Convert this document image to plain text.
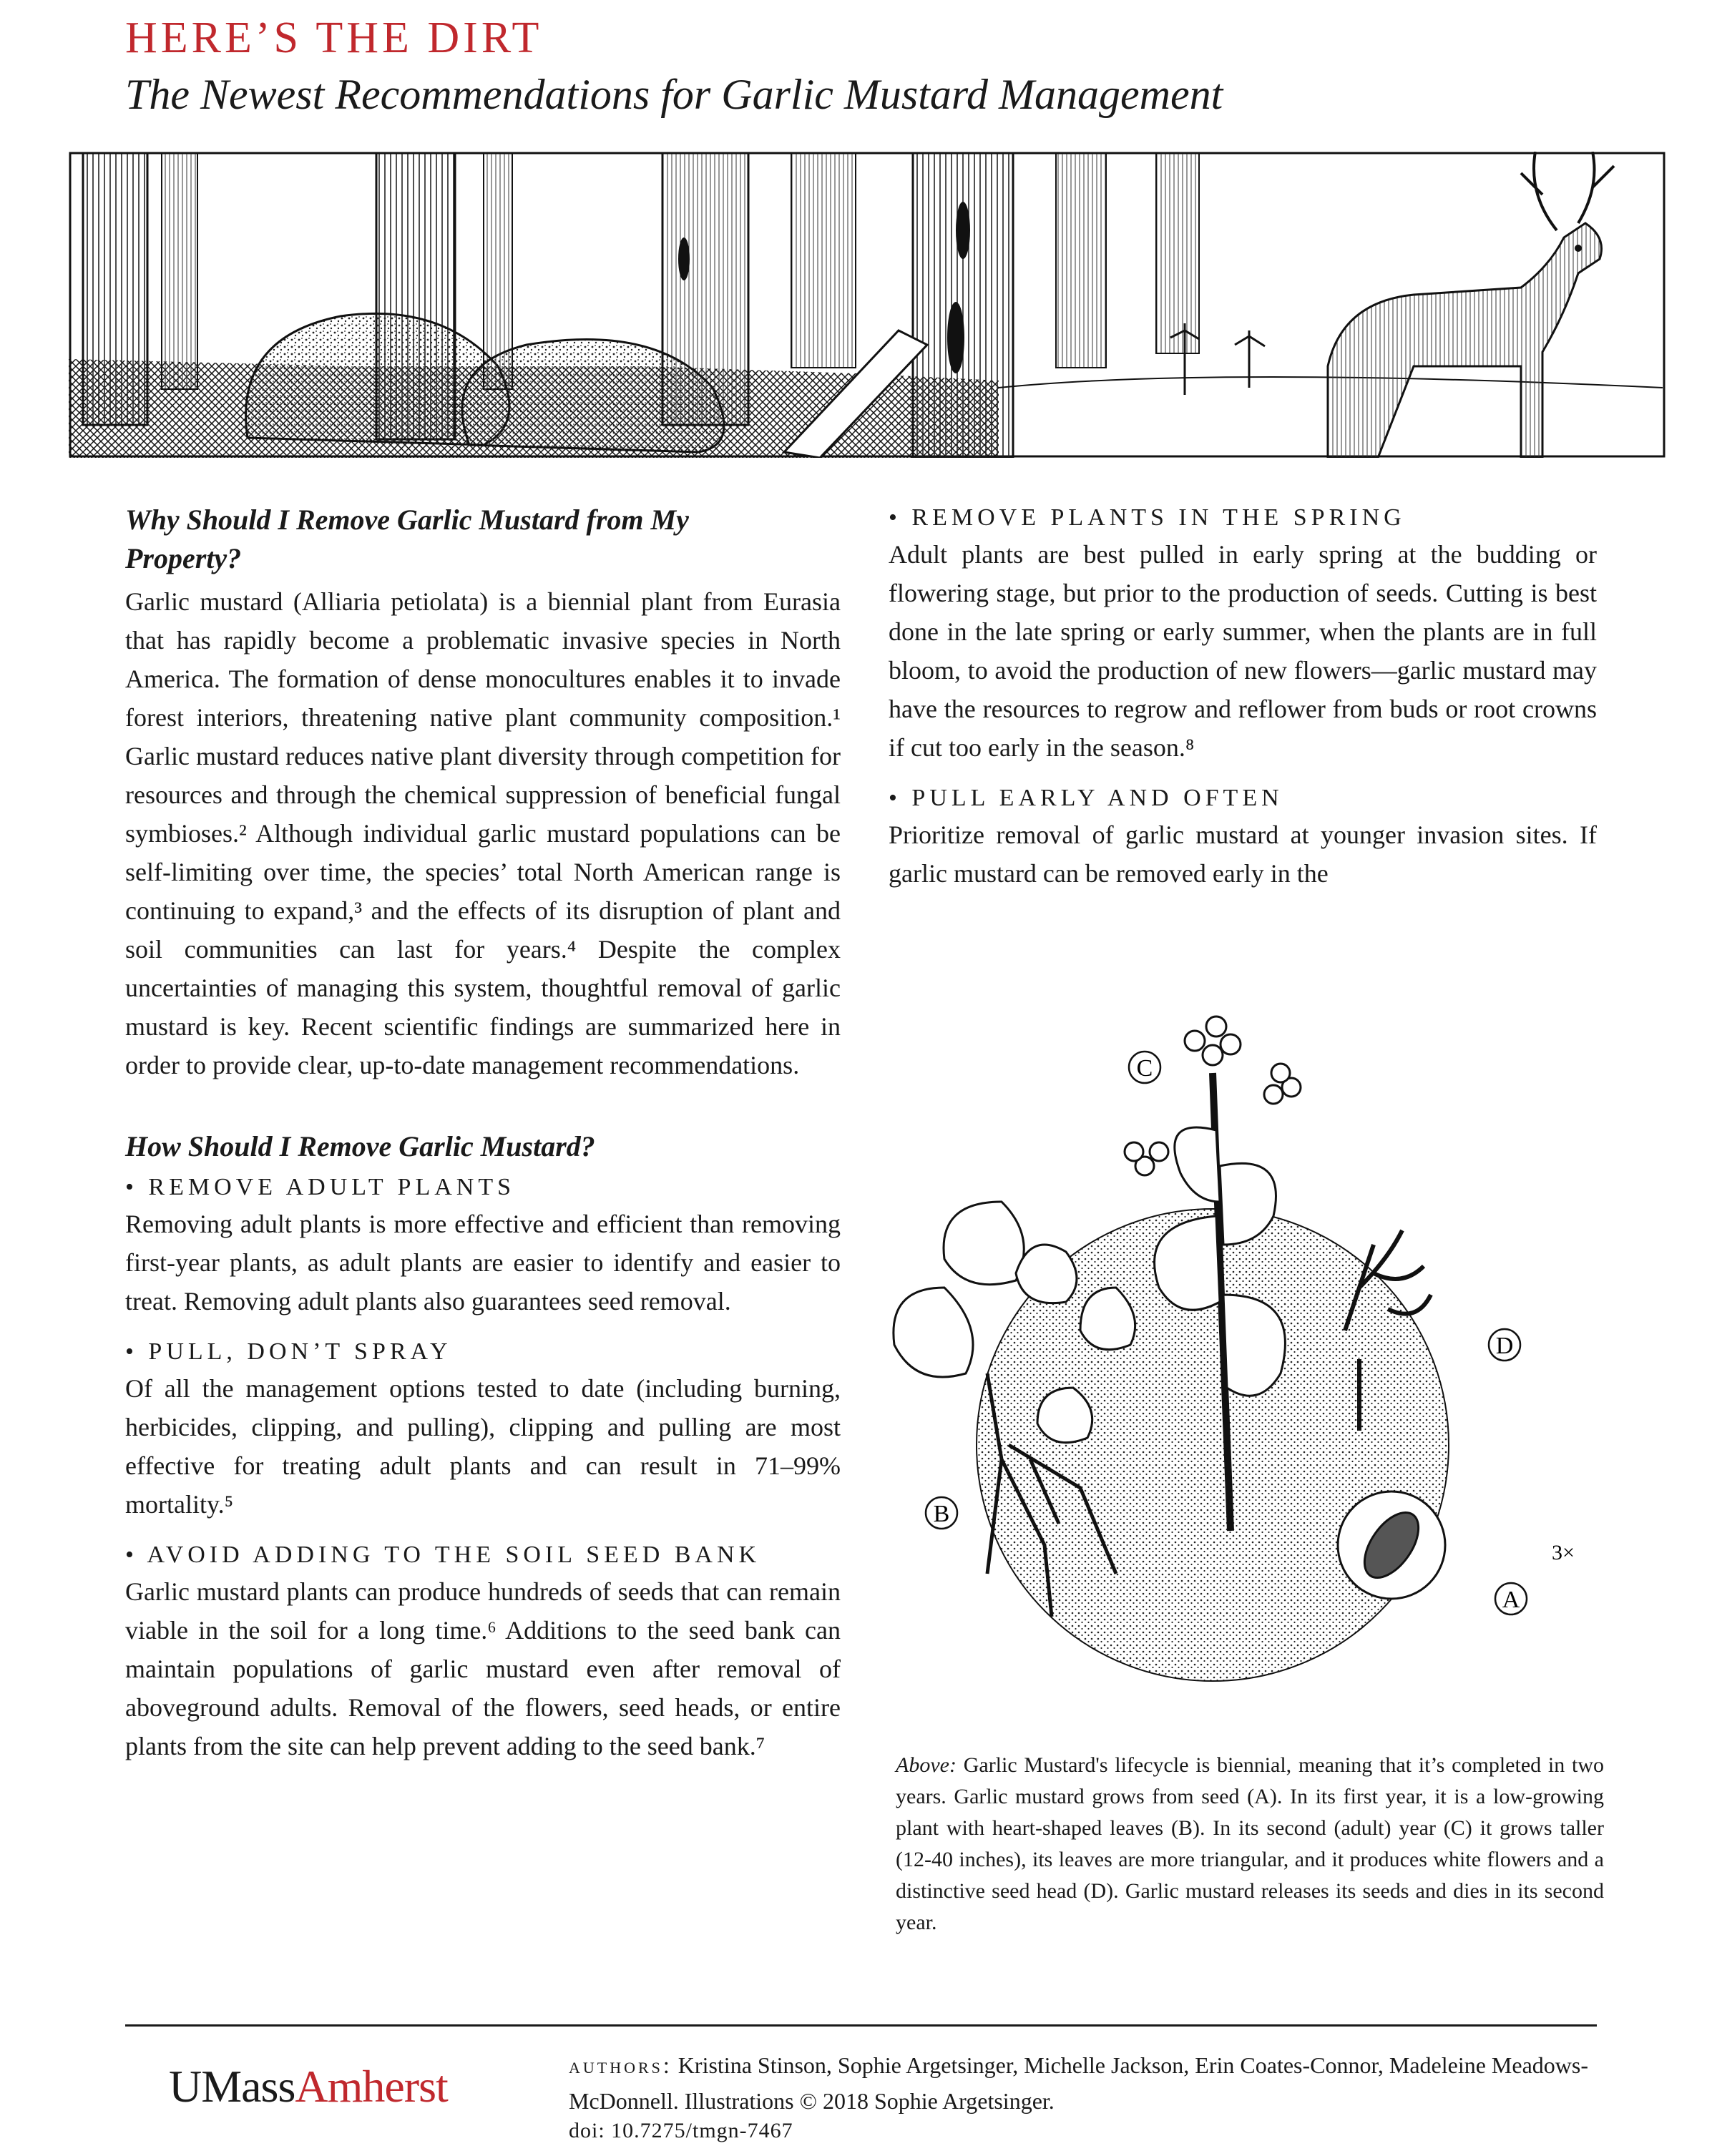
HERE’S THE DIRT
The Newest Recommendations for Garlic Mustard Management
Why Should I Remove Garlic Mustard from My Property?

Garlic mustard (Alliaria petiolata) is a biennial plant from Eurasia that has rapidly become a problematic invasive species in North America. The formation of dense monocultures enables it to invade forest interiors, threatening native plant community composition.¹ Garlic mustard reduces native plant diversity through competition for resources and through the chemical suppression of beneficial fungal symbioses.² Although individual garlic mustard populations can be self-limiting over time, the species’ total North American range is continuing to expand,³ and the effects of its disruption of plant and soil communities can last for years.⁴ Despite the complex uncertainties of managing this system, thoughtful removal of garlic mustard is key. Recent scientific findings are summarized here in order to provide clear, up-to-date management recommendations.

How Should I Remove Garlic Mustard?
• REMOVE ADULT PLANTS

Removing adult plants is more effective and efficient than removing first-year plants, as adult plants are easier to identify and easier to treat. Removing adult plants also guarantees seed removal.

• PULL, DON’T SPRAY

Of all the management options tested to date (including burning, herbicides, clipping, and pulling), clipping and pulling are most effective for treating adult plants and can result in 71–99% mortality.⁵

• AVOID ADDING TO THE SOIL SEED BANK

Garlic mustard plants can produce hundreds of seeds that can remain viable in the soil for a long time.⁶ Additions to the seed bank can maintain populations of garlic mustard even after removal of aboveground adults. Removal of the flowers, seed heads, or entire plants from the site can help prevent adding to the seed bank.⁷

• REMOVE PLANTS IN THE SPRING

Adult plants are best pulled in early spring at the budding or flowering stage, but prior to the production of seeds. Cutting is best done in the late spring or early summer, when the plants are in full bloom, to avoid the production of new flowers—garlic mustard may have the resources to regrow and reflower from buds or root crowns if cut too early in the season.⁸

• PULL EARLY AND OFTEN

Prioritize removal of garlic mustard at younger invasion sites. If garlic mustard can be removed early in the

C
D
B
A
3×
Above: Garlic Mustard's lifecycle is biennial, meaning that it’s completed in two years. Garlic mustard grows from seed (A). In its first year, it is a low-growing plant with heart-shaped leaves (B). In its second (adult) year (C) it grows taller (12-40 inches), its leaves are more triangular, and it produces white flowers and a distinctive seed head (D). Garlic mustard releases its seeds and dies in its second year.
UMassAmherst	authors: Kristina Stinson, Sophie Argetsinger, Michelle Jackson, Erin Coates-Connor, Madeleine Meadows-McDonnell. Illustrations © 2018 Sophie Argetsinger.
doi: 10.7275/tmgn-7467
